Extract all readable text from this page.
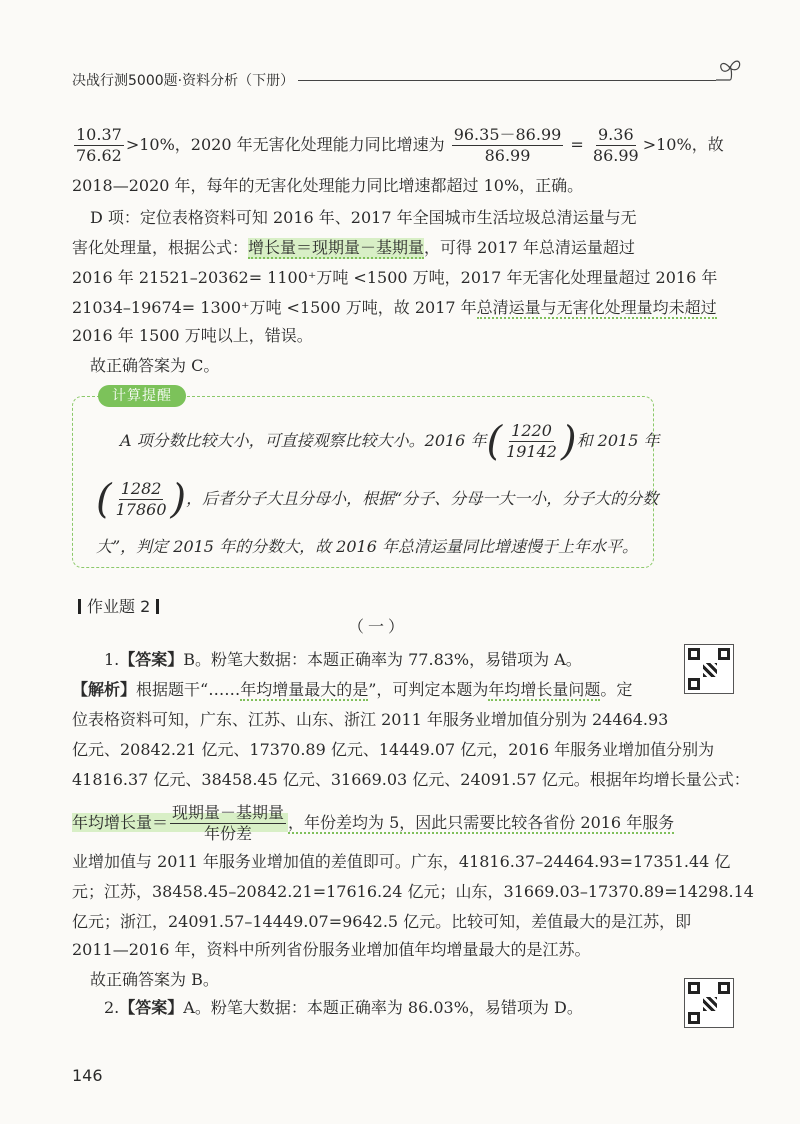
决战行测5000题·资料分析（下册）
$\frac{10.37}{76.62} >10\%$，2020 年无害化处理能力同比增速为 $\frac{96.35-86.99}{86.99} = \frac{9.36}{86.99} >10\%$，故
2018—2020 年，每年的无害化处理能力同比增速都超过 10%，正确。
D 项：定位表格资料可知 2016 年、2017 年全国城市生活垃圾总清运量与无
害化处理量，根据公式：增长量＝现期量－基期量，可得 2017 年总清运量超过
2016 年 21521–20362= 1100⁺万吨 <1500 万吨，2017 年无害化处理量超过 2016 年
21034–19674= 1300⁺万吨 <1500 万吨，故 2017 年总清运量与无害化处理量均未超过
2016 年 1500 万吨以上，错误。
故正确答案为 C。
计算提醒
A 项分数比较大小，可直接观察比较大小。2016 年( $\frac{1220}{19142}$ )和 2015 年
( $\frac{1282}{17860}$ )，后者分子大且分母小，根据“分子、分母一大一小，分子大的分数
大”，判定 2015 年的分数大，故 2016 年总清运量同比增速慢于上年水平。
作业题 2
（一）
1.【答案】B。粉笔大数据：本题正确率为 77.83%，易错项为 A。
【解析】根据题干“……年均增量最大的是”，可判定本题为年均增长量问题。定
位表格资料可知，广东、江苏、山东、浙江 2011 年服务业增加值分别为 24464.93
亿元、20842.21 亿元、17370.89 亿元、14449.07 亿元，2016 年服务业增加值分别为
41816.37 亿元、38458.45 亿元、31669.03 亿元、24091.57 亿元。根据年均增长量公式：
年均增长量＝ $\frac{\text{现期量－基期量}}{\text{年份差}}$ ，年份差均为 5，因此只需要比较各省份 2016 年服务
业增加值与 2011 年服务业增加值的差值即可。广东，41816.37–24464.93=17351.44 亿
元；江苏，38458.45–20842.21=17616.24 亿元；山东，31669.03–17370.89=14298.14
亿元；浙江，24091.57–14449.07=9642.5 亿元。比较可知，差值最大的是江苏，即
2011—2016 年，资料中所列省份服务业增加值年均增量最大的是江苏。
故正确答案为 B。
2.【答案】A。粉笔大数据：本题正确率为 86.03%，易错项为 D。
146
